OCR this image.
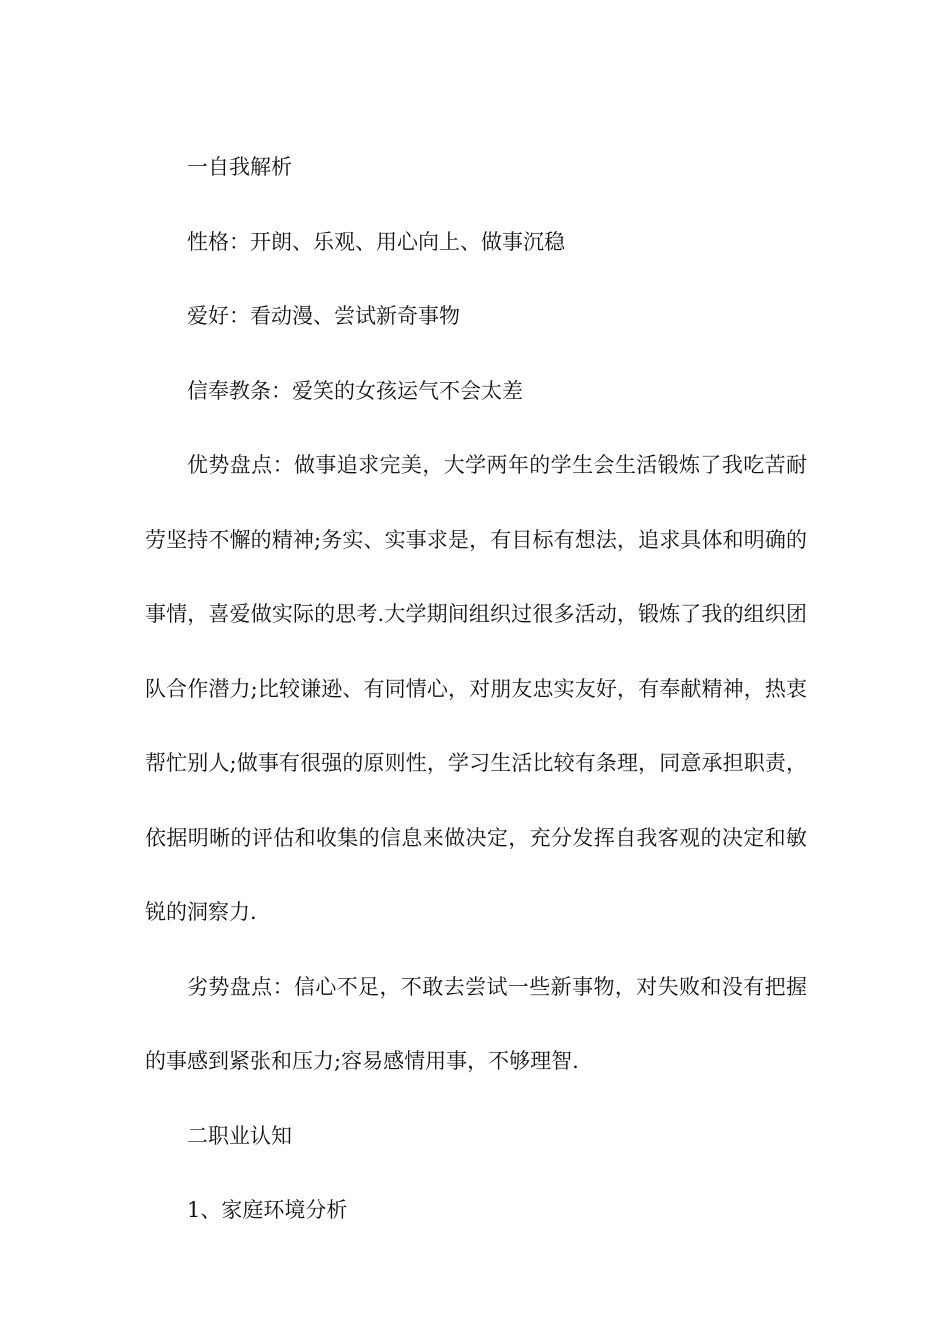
一自我解析

性格：开朗、乐观、用心向上、做事沉稳

爱好：看动漫、尝试新奇事物

信奉教条：爱笑的女孩运气不会太差

优势盘点：做事追求完美，大学两年的学生会生活锻炼了我吃苦耐劳坚持不懈的精神;务实、实事求是，有目标有想法，追求具体和明确的事情，喜爱做实际的思考.大学期间组织过很多活动，锻炼了我的组织团队合作潜力;比较谦逊、有同情心，对朋友忠实友好，有奉献精神，热衷帮忙别人;做事有很强的原则性，学习生活比较有条理，同意承担职责，依据明晰的评估和收集的信息来做决定，充分发挥自我客观的决定和敏锐的洞察力.

劣势盘点：信心不足，不敢去尝试一些新事物，对失败和没有把握的事感到紧张和压力;容易感情用事，不够理智.

二职业认知

1、家庭环境分析
